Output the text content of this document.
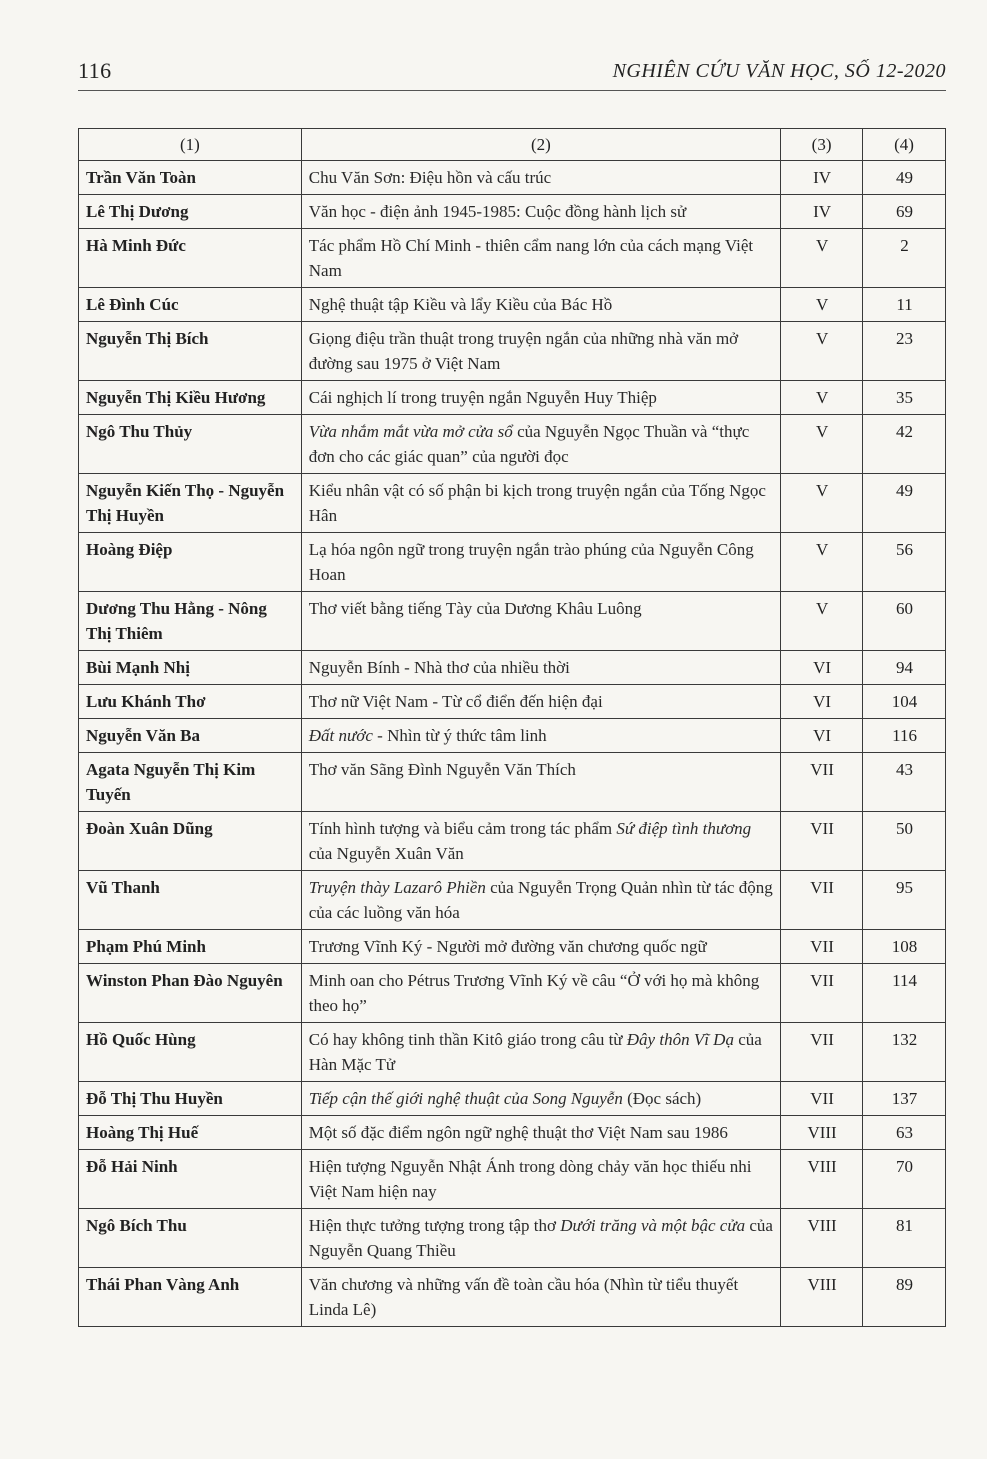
116	NGHIÊN CỨU VĂN HỌC, SỐ 12-2020
(1)	(2)	(3)	(4)
Trần Văn Toàn	Chu Văn Sơn: Điệu hồn và cấu trúc	IV	49
Lê Thị Dương	Văn học - điện ảnh 1945-1985: Cuộc đồng hành lịch sử	IV	69
Hà Minh Đức	Tác phẩm Hồ Chí Minh - thiên cẩm nang lớn của cách mạng Việt Nam	V	2
Lê Đình Cúc	Nghệ thuật tập Kiều và lẩy Kiều của Bác Hồ	V	11
Nguyễn Thị Bích	Giọng điệu trần thuật trong truyện ngắn của những nhà văn mở đường sau 1975 ở Việt Nam	V	23
Nguyễn Thị Kiều Hương	Cái nghịch lí trong truyện ngắn Nguyễn Huy Thiệp	V	35
Ngô Thu Thủy	Vừa nhắm mắt vừa mở cửa sổ của Nguyễn Ngọc Thuần và “thực đơn cho các giác quan” của người đọc	V	42
Nguyễn Kiến Thọ - Nguyễn Thị Huyền	Kiểu nhân vật có số phận bi kịch trong truyện ngắn của Tống Ngọc Hân	V	49
Hoàng Điệp	Lạ hóa ngôn ngữ trong truyện ngắn trào phúng của Nguyễn Công Hoan	V	56
Dương Thu Hằng - Nông Thị Thiêm	Thơ viết bằng tiếng Tày của Dương Khâu Luông	V	60
Bùi Mạnh Nhị	Nguyễn Bính - Nhà thơ của nhiều thời	VI	94
Lưu Khánh Thơ	Thơ nữ Việt Nam - Từ cổ điển đến hiện đại	VI	104
Nguyễn Văn Ba	Đất nước - Nhìn từ ý thức tâm linh	VI	116
Agata Nguyễn Thị Kim Tuyến	Thơ văn Sãng Đình Nguyễn Văn Thích	VII	43
Đoàn Xuân Dũng	Tính hình tượng và biểu cảm trong tác phẩm Sứ điệp tình thương của Nguyễn Xuân Văn	VII	50
Vũ Thanh	Truyện thày Lazarô Phiền của Nguyễn Trọng Quản nhìn từ tác động của các luồng văn hóa	VII	95
Phạm Phú Minh	Trương Vĩnh Ký - Người mở đường văn chương quốc ngữ	VII	108
Winston Phan Đào Nguyên	Minh oan cho Pétrus Trương Vĩnh Ký về câu “Ở với họ mà không theo họ”	VII	114
Hồ Quốc Hùng	Có hay không tinh thần Kitô giáo trong câu từ Đây thôn Vĩ Dạ của Hàn Mặc Tử	VII	132
Đỗ Thị Thu Huyền	Tiếp cận thế giới nghệ thuật của Song Nguyễn (Đọc sách)	VII	137
Hoàng Thị Huế	Một số đặc điểm ngôn ngữ nghệ thuật thơ Việt Nam sau 1986	VIII	63
Đỗ Hải Ninh	Hiện tượng Nguyễn Nhật Ánh trong dòng chảy văn học thiếu nhi Việt Nam hiện nay	VIII	70
Ngô Bích Thu	Hiện thực tưởng tượng trong tập thơ Dưới trăng và một bậc cửa của Nguyễn Quang Thiều	VIII	81
Thái Phan Vàng Anh	Văn chương và những vấn đề toàn cầu hóa (Nhìn từ tiểu thuyết Linda Lê)	VIII	89
